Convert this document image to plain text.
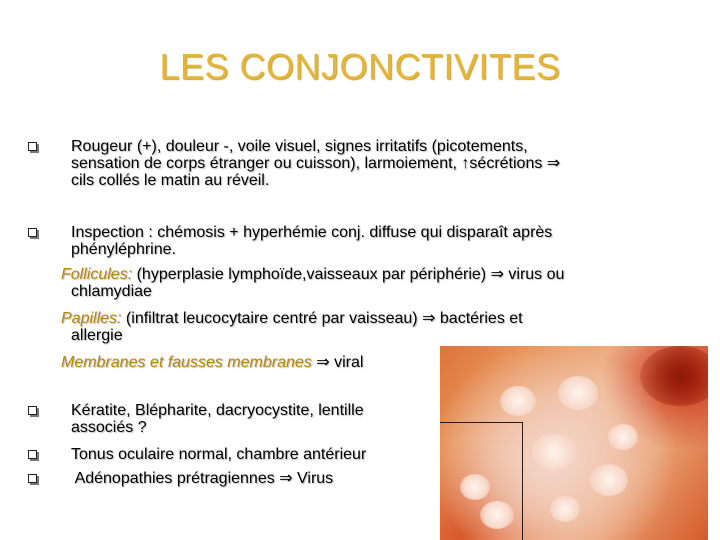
LES CONJONCTIVITES
Rougeur (+), douleur -, voile visuel, signes irritatifs (picotements,
sensation de corps étranger ou cuisson), larmoiement, ↑sécrétions ⇒
cils collés le matin au réveil.
Inspection : chémosis + hyperhémie conj. diffuse qui disparaît après
phényléphrine.
Follicules: (hyperplasie lymphoïde,vaisseaux par périphérie) ⇒ virus ou
chlamydiae
Papilles: (infiltrat leucocytaire centré par vaisseau) ⇒ bactéries et
allergie
Membranes et fausses membranes ⇒ viral
Kératite, Blépharite, dacryocystite, lentille
associés ?
Tonus oculaire normal, chambre antérieur
Adénopathies prétragiennes ⇒ Virus
